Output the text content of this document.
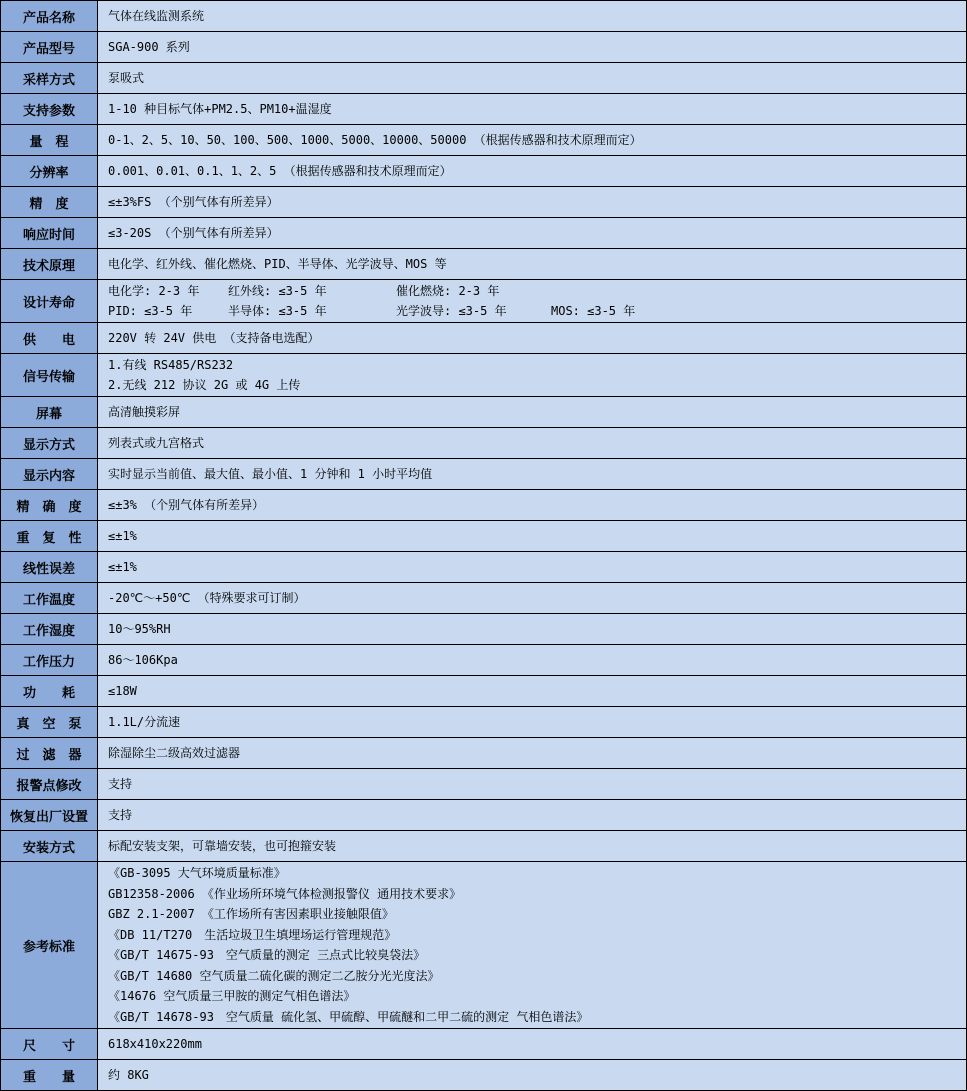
产品名称	气体在线监测系统

产品型号	SGA-900 系列

采样方式	泵吸式

支持参数	1-10 种目标气体+PM2.5、PM10+温湿度

量　程	0-1、2、5、10、50、100、500、1000、5000、10000、50000 （根据传感器和技术原理而定）

分辨率	0.001、0.01、0.1、1、2、5 （根据传感器和技术原理而定）

精　度	≤±3%FS （个别气体有所差异）

响应时间	≤3-20S （个别气体有所差异）

技术原理	电化学、红外线、催化燃烧、PID、半导体、光学波导、MOS 等

设计寿命	电化学: 2-3 年 红外线: ≤3-5 年 催化燃烧: 2-3 年
PID: ≤3-5 年 半导体: ≤3-5 年 光学波导: ≤3-5 年 MOS: ≤3-5 年

供　　电	220V 转 24V 供电 （支持备电选配）

信号传输	1.有线 RS485/RS232
2.无线 212 协议 2G 或 4G 上传

屏幕	高清触摸彩屏

显示方式	列表式或九宫格式

显示内容	实时显示当前值、最大值、最小值、1 分钟和 1 小时平均值

精　确　度	≤±3% （个别气体有所差异）

重　复　性	≤±1%

线性误差	≤±1%

工作温度	-20℃～+50℃ （特殊要求可订制）

工作湿度	10～95%RH

工作压力	86～106Kpa

功　　耗	≤18W

真　空　泵	1.1L/分流速

过　滤　器	除湿除尘二级高效过滤器

报警点修改	支持

恢复出厂设置	支持

安装方式	标配安装支架，可靠墙安装，也可抱箍安装

参考标准	
《GB-3095 大气环境质量标准》
GB12358-2006 《作业场所环境气体检测报警仪 通用技术要求》
GBZ 2.1-2007 《工作场所有害因素职业接触限值》
《DB 11/T270　生活垃圾卫生填埋场运行管理规范》
《GB/T 14675-93　空气质量的测定 三点式比较臭袋法》
《GB/T 14680 空气质量二硫化碳的测定二乙胺分光光度法》
《14676 空气质量三甲胺的测定气相色谱法》
《GB/T 14678-93　空气质量 硫化氢、甲硫醇、甲硫醚和二甲二硫的测定 气相色谱法》

尺　　寸	618x410x220mm

重　　量	约 8KG
